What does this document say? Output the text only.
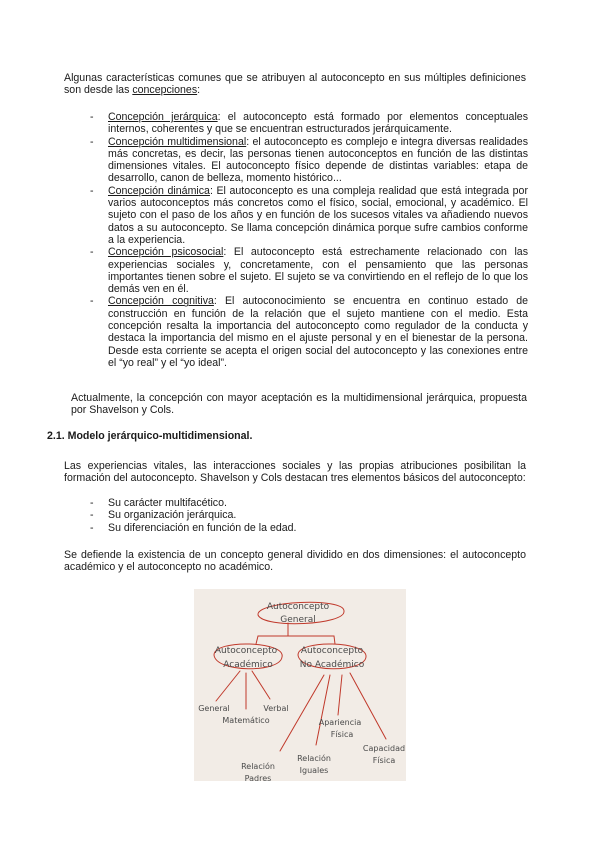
Algunas características comunes que se atribuyen al autoconcepto en sus múltiples definiciones son desde las concepciones:

- Concepción jerárquica: el autoconcepto está formado por elementos conceptuales internos, coherentes y que se encuentran estructurados jerárquicamente.
- Concepción multidimensional: el autoconcepto es complejo e integra diversas realidades más concretas, es decir, las personas tienen autoconceptos en función de las distintas dimensiones vitales. El autoconcepto físico depende de distintas variables: etapa de desarrollo, canon de belleza, momento histórico...
- Concepción dinámica: El autoconcepto es una compleja realidad que está integrada por varios autoconceptos más concretos como el físico, social, emocional, y académico. El sujeto con el paso de los años y en función de los sucesos vitales va añadiendo nuevos datos a su autoconcepto. Se llama concepción dinámica porque sufre cambios conforme a la experiencia.
- Concepción psicosocial: El autoconcepto está estrechamente relacionado con las experiencias sociales y, concretamente, con el pensamiento que las personas importantes tienen sobre el sujeto. El sujeto se va convirtiendo en el reflejo de lo que los demás ven en él.
- Concepción cognitiva: El autoconocimiento se encuentra en continuo estado de construcción en función de la relación que el sujeto mantiene con el medio. Esta concepción resalta la importancia del autoconcepto como regulador de la conducta y destaca la importancia del mismo en el ajuste personal y en el bienestar de la persona. Desde esta corriente se acepta el origen social del autoconcepto y las conexiones entre el “yo real” y el “yo ideal”.

Actualmente, la concepción con mayor aceptación es la multidimensional jerárquica, propuesta por Shavelson y Cols.

2.1. Modelo jerárquico-multidimensional.

Las experiencias vitales, las interacciones sociales y las propias atribuciones posibilitan la formación del autoconcepto. Shavelson y Cols destacan tres elementos básicos del autoconcepto:

- Su carácter multifacético.
- Su organización jerárquica.
- Su diferenciación en función de la edad.

Se defiende la existencia de un concepto general dividido en dos dimensiones: el autoconcepto académico y el autoconcepto no académico.

Autoconcepto
General
Autoconcepto
Académico
Autoconcepto
No Académico
General
Matemático
Verbal
Apariencia
Física
Capacidad
Física
Relación
Iguales
Relación
Padres
